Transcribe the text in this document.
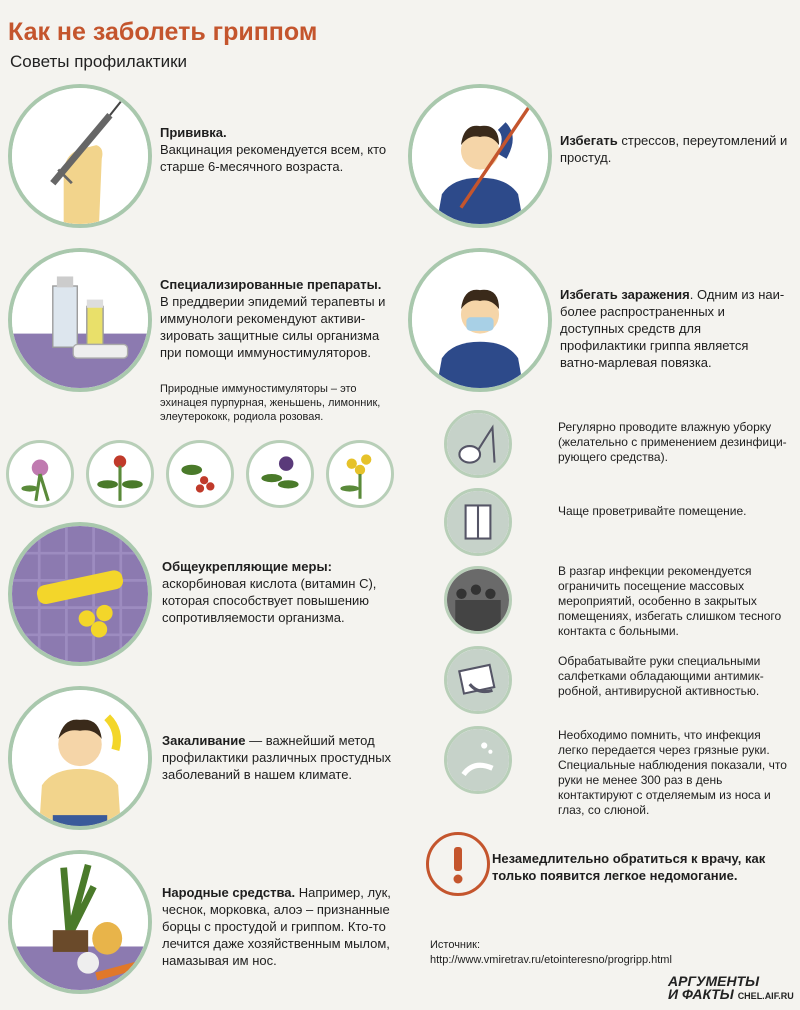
Как не заболеть гриппом
Советы профилактики
Прививка.
Вакцинация рекомендуется всем, кто старше 6-месячного возраста.
Специализированные препараты.
В преддверии эпидемий терапевты и иммунологи рекомендуют активи-зировать защитные силы организма при помощи иммуностимуляторов.
Природные иммуностимуляторы – это эхинацея пурпурная, женьшень, лимонник, элеутерококк, родиола розовая.
Общеукрепляющие меры:
аскорбиновая кислота (витамин С), которая способствует повышению сопротивляемости организма.
Закаливание — важнейший метод профилактики различных простудных заболеваний в нашем климате.
Народные средства. Например, лук, чеснок, морковка, алоэ – признанные борцы с простудой и гриппом. Кто-то лечится даже хозяйственным мылом, намазывая им нос.
Избегать стрессов, переутомлений и простуд.
Избегать заражения. Одним из наи-более распространенных и доступных средств для профилактики гриппа является ватно-марлевая повязка.
Регулярно проводите влажную уборку (желательно с применением дезинфици-рующего средства).
Чаще проветривайте помещение.
В разгар инфекции рекомендуется ограничить посещение массовых мероприятий, особенно в закрытых помещениях, избегать слишком тесного контакта с больными.
Обрабатывайте руки специальными салфетками обладающими антимик-робной, антивирусной активностью.
Необходимо помнить, что инфекция легко передается через грязные руки. Специальные наблюдения показали, что руки не менее 300 раз в день контактируют с отделяемым из носа и глаз, со слюной.
Незамедлительно обратиться к врачу, как только появится легкое недомогание.
Источник:
http://www.vmiretrav.ru/etointeresno/progripp.html
АРГУМЕНТЫ
И ФАКТЫ CHEL.AIF.RU
